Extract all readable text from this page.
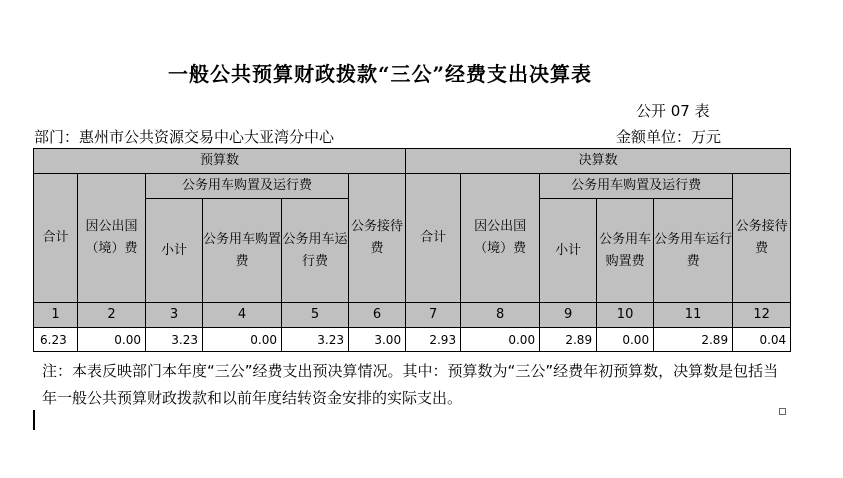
一般公共预算财政拨款“三公”经费支出决算表
公开 07 表
部门：惠州市公共资源交易中心大亚湾分中心	金额单位：万元
预算数						决算数					
合计	因公出国（境）费	公务用车购置及运行费			公务接待费	合计	因公出国（境）费	公务用车购置及运行费			公务接待费
		小计	公务用车购置费	公务用车运行费				小计	公务用车购置费	公务用车运行费	
1	2	3	4	5	6	7	8	9	10	11	12
6.23	0.00	3.23	0.00	3.23	3.00	2.93	0.00	2.89	0.00	2.89	0.04
注：本表反映部门本年度“三公”经费支出预决算情况。其中：预算数为“三公”经费年初预算数，决算数是包括当年一般公共预算财政拨款和以前年度结转资金安排的实际支出。
